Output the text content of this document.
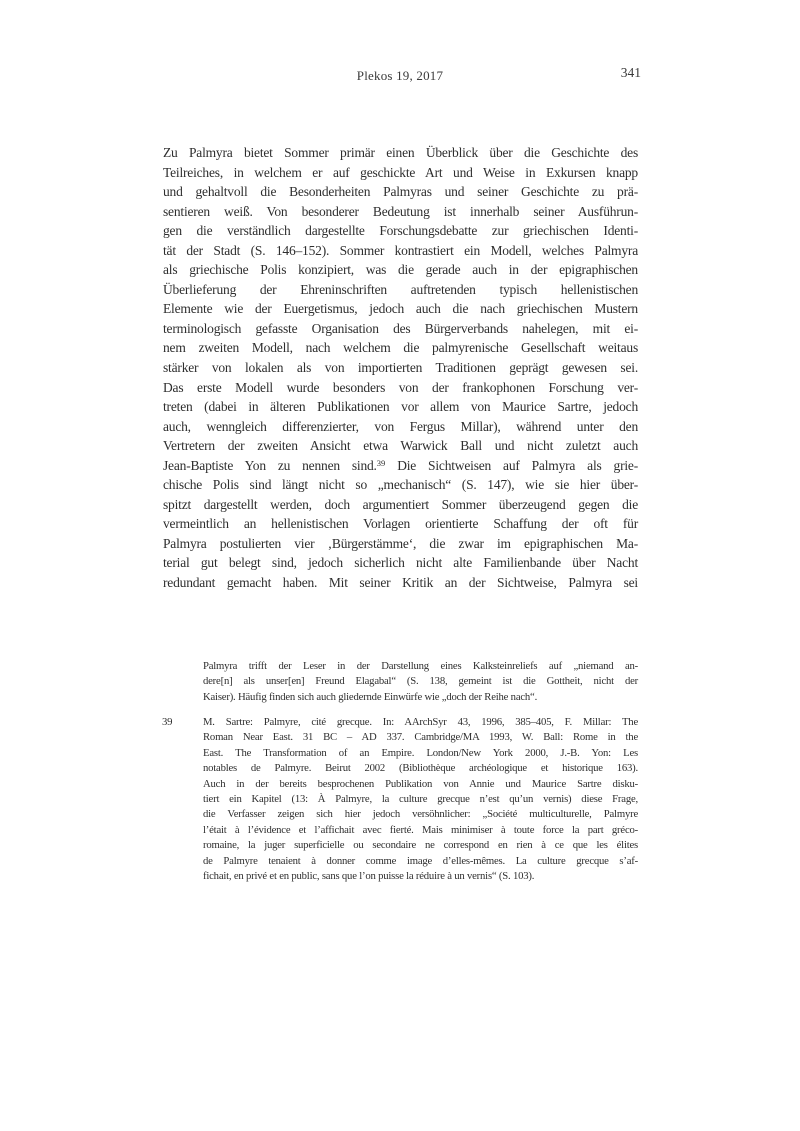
Plekos 19, 2017	341
Zu Palmyra bietet Sommer primär einen Überblick über die Geschichte des
Teilreiches, in welchem er auf geschickte Art und Weise in Exkursen knapp
und gehaltvoll die Besonderheiten Palmyras und seiner Geschichte zu prä-
sentieren weiß. Von besonderer Bedeutung ist innerhalb seiner Ausführun-
gen die verständlich dargestellte Forschungsdebatte zur griechischen Identi-
tät der Stadt (S. 146–152). Sommer kontrastiert ein Modell, welches Palmyra
als griechische Polis konzipiert, was die gerade auch in der epigraphischen
Überlieferung der Ehreninschriften auftretenden typisch hellenistischen
Elemente wie der Euergetismus, jedoch auch die nach griechischen Mustern
terminologisch gefasste Organisation des Bürgerverbands nahelegen, mit ei-
nem zweiten Modell, nach welchem die palmyrenische Gesellschaft weitaus
stärker von lokalen als von importierten Traditionen geprägt gewesen sei.
Das erste Modell wurde besonders von der frankophonen Forschung ver-
treten (dabei in älteren Publikationen vor allem von Maurice Sartre, jedoch
auch, wenngleich differenzierter, von Fergus Millar), während unter den
Vertretern der zweiten Ansicht etwa Warwick Ball und nicht zuletzt auch
Jean-Baptiste Yon zu nennen sind.$^{39}$ Die Sichtweisen auf Palmyra als grie-
chische Polis sind längt nicht so „mechanisch“ (S. 147), wie sie hier über-
spitzt dargestellt werden, doch argumentiert Sommer überzeugend gegen die
vermeintlich an hellenistischen Vorlagen orientierte Schaffung der oft für
Palmyra postulierten vier ‚Bürgerstämme‘, die zwar im epigraphischen Ma-
terial gut belegt sind, jedoch sicherlich nicht alte Familienbande über Nacht
redundant gemacht haben. Mit seiner Kritik an der Sichtweise, Palmyra sei
Palmyra trifft der Leser in der Darstellung eines Kalksteinreliefs auf „niemand an-
dere[n] als unser[en] Freund Elagabal“ (S. 138, gemeint ist die Gottheit, nicht der
Kaiser). Häufig finden sich auch gliedernde Einwürfe wie „doch der Reihe nach“.
39	M. Sartre: Palmyre, cité grecque. In: AArchSyr 43, 1996, 385–405, F. Millar: The
Roman Near East. 31 BC – AD 337. Cambridge/MA 1993, W. Ball: Rome in the
East. The Transformation of an Empire. London/New York 2000, J.-B. Yon: Les
notables de Palmyre. Beirut 2002 (Bibliothèque archéologique et historique 163).
Auch in der bereits besprochenen Publikation von Annie und Maurice Sartre disku-
tiert ein Kapitel (13: À Palmyre, la culture grecque n’est qu’un vernis) diese Frage,
die Verfasser zeigen sich hier jedoch versöhnlicher: „Société multiculturelle, Palmyre
l’était à l’évidence et l’affichait avec fierté. Mais minimiser à toute force la part gréco-
romaine, la juger superficielle ou secondaire ne correspond en rien à ce que les élites
de Palmyre tenaient à donner comme image d’elles-mêmes. La culture grecque s’af-
fichait, en privé et en public, sans que l’on puisse la réduire à un vernis“ (S. 103).
